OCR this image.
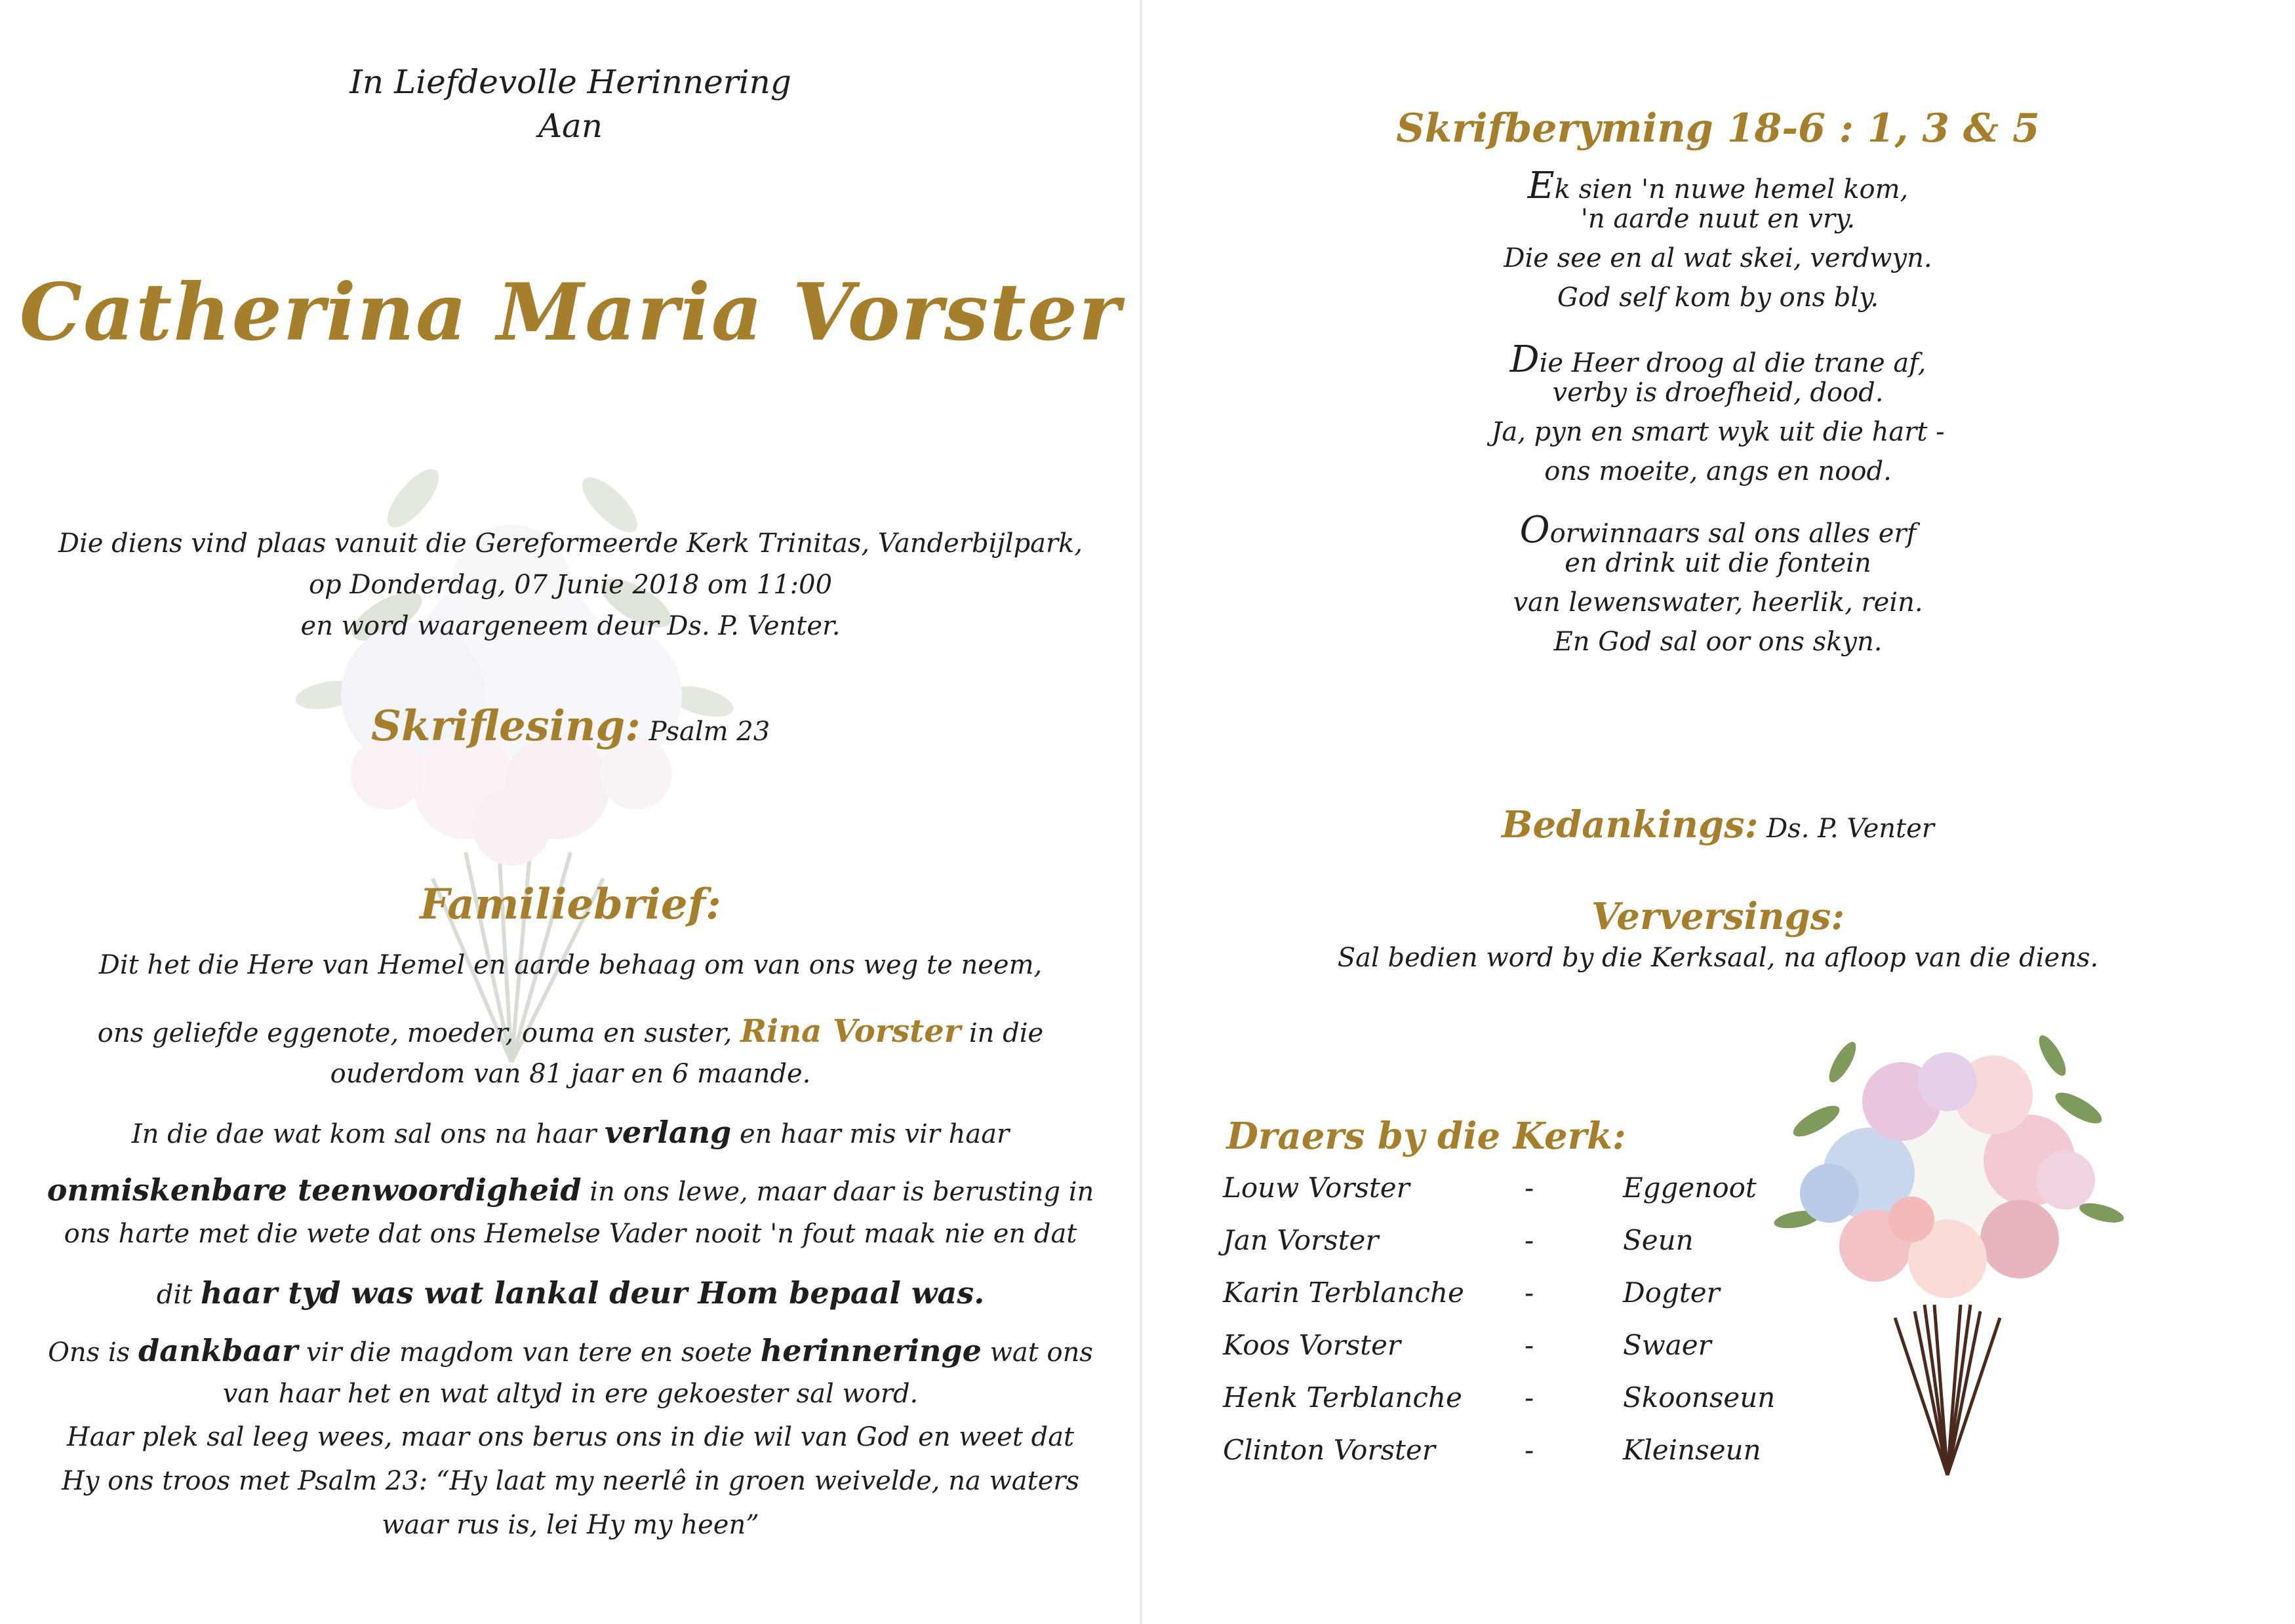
In Liefdevolle Herinnering
Aan
Catherina Maria Vorster
Die diens vind plaas vanuit die Gereformeerde Kerk Trinitas, Vanderbijlpark,
op Donderdag, 07 Junie 2018 om 11:00
en word waargeneem deur Ds. P. Venter.
Skriflesing: Psalm 23
Familiebrief:
Dit het die Here van Hemel en aarde behaag om van ons weg te neem,
ons geliefde eggenote, moeder, ouma en suster, Rina Vorster in die
ouderdom van 81 jaar en 6 maande.
In die dae wat kom sal ons na haar verlang en haar mis vir haar
onmiskenbare teenwoordigheid in ons lewe, maar daar is berusting in
ons harte met die wete dat ons Hemelse Vader nooit 'n fout maak nie en dat
dit haar tyd was wat lankal deur Hom bepaal was.
Ons is dankbaar vir die magdom van tere en soete herinneringe wat ons
van haar het en wat altyd in ere gekoester sal word.
Haar plek sal leeg wees, maar ons berus ons in die wil van God en weet dat
Hy ons troos met Psalm 23: “Hy laat my neerlê in groen weivelde, na waters
waar rus is, lei Hy my heen”
Skrifberyming 18-6 : 1, 3 & 5
Ek sien 'n nuwe hemel kom,
'n aarde nuut en vry.
Die see en al wat skei, verdwyn.
God self kom by ons bly.
Die Heer droog al die trane af,
verby is droefheid, dood.
Ja, pyn en smart wyk uit die hart -
ons moeite, angs en nood.
Oorwinnaars sal ons alles erf
en drink uit die fontein
van lewenswater, heerlik, rein.
En God sal oor ons skyn.
Bedankings: Ds. P. Venter
Verversings:
Sal bedien word by die Kerksaal, na afloop van die diens.
Draers by die Kerk:
Louw Vorster	-	Eggenoot
Jan Vorster	-	Seun
Karin Terblanche -	Dogter
Koos Vorster	-	Swaer
Henk Terblanche -	Skoonseun
Clinton Vorster	-	Kleinseun
